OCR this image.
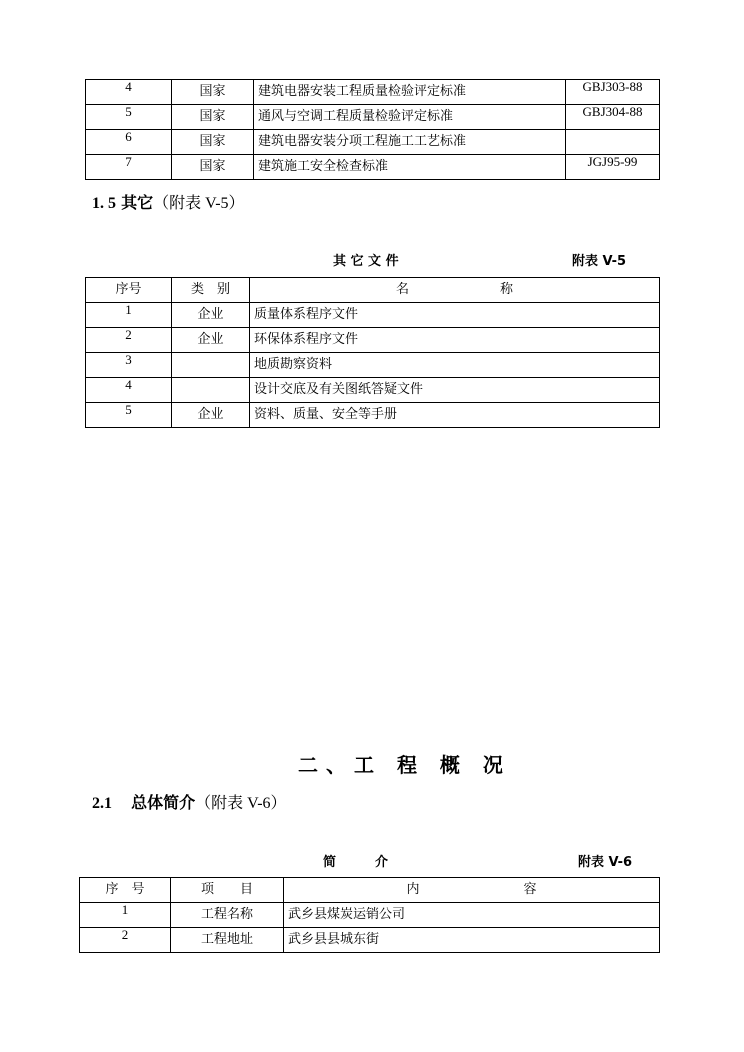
4	国家	建筑电器安装工程质量检验评定标准	GBJ303-88
5	国家	通风与空调工程质量检验评定标准	GBJ304-88
6	国家	建筑电器安装分项工程施工工艺标准	
7	国家	建筑施工安全检查标准	JGJ95-99
1. 5 其它（附表 V-5）
其 它 文 件	附表 V-5
序号	类　别	名　　　　　　　称
1	企业	质量体系程序文件
2	企业	环保体系程序文件
3		地质勘察资料
4		设计交底及有关图纸答疑文件
5	企业	资料、质量、安全等手册
二、工 程 概 况
2.1 总体简介（附表 V-6）
简　　　介	附表 V-6
序　号	项　　目	内　　　　　　　　容
1	工程名称	武乡县煤炭运销公司
2	工程地址	武乡县县城东街
